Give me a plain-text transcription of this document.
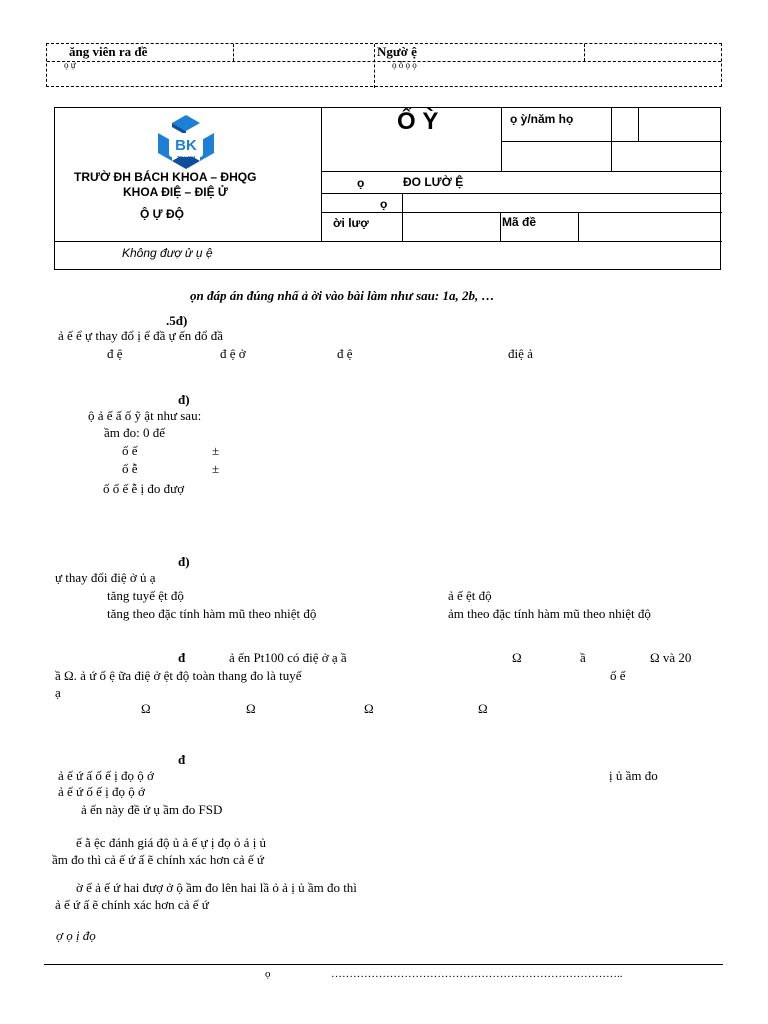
ăng viên ra đề	Ngườ ệ
ọ ự	ọ ỗ ọ ọ
BK
TP.HCM
TRƯỜ ĐH BÁCH KHOA – ĐHQG
KHOA ĐIỆ – ĐIỆ Ử
Ộ Ự ĐỘ
Không đượ ử ụ ệ
Ố Ỳ	ọ ỳ/năm họ
ọ	ĐO LƯỜ Ệ
ọ
ời lượ	Mã đề
ọn đáp án đúng nhấ ả ời vào bài làm như sau: 1a, 2b, …
.5đ)
ả ế ể ự thay đổ ị ể đầ ự ến đổ đầ
đ ệ	đ ệ ở	đ ệ	điệ ả
đ)
ộ ả ế ấ ố ỹ ật như sau:
ầm đo: 0 đế
ố ế	±
ố ễ	±
ố ố ế ễ ị đo đượ
đ)
ự thay đổi điệ ở ủ ạ
tăng tuyế ệt độ	ả ế ệt độ
tăng theo đặc tính hàm mũ theo nhiệt độ	ảm theo đặc tính hàm mũ theo nhiệt độ
đ	ả ến Pt100 có điệ ở ạ ầ	Ω	ầ	Ω và 20
ầ Ω. ả ứ ố ệ ữa điệ ở ệt độ toàn thang đo là tuyế	ố ế
ạ
Ω	Ω	Ω	Ω
đ
ả ế ứ ấ ố ế ị đọ ộ ớ	ị ủ ầm đo
ả ế ứ ố ế ị đọ ộ ớ
ả ến này đề ử ụ ầm đo FSD
ế ằ ệc đánh giá độ ủ ả ế ự ị đọ ỏ ả ị ủ
ầm đo thì cả ế ứ ấ ẽ chính xác hơn cả ế ứ
ờ ế ả ế ứ hai đượ ở ộ ầm đo lên hai lầ ỏ ả ị ủ ầm đo thì
ả ế ứ ấ ẽ chính xác hơn cả ế ứ
ợ ọ ị đọ
ọ	……………………………………………………………………..
